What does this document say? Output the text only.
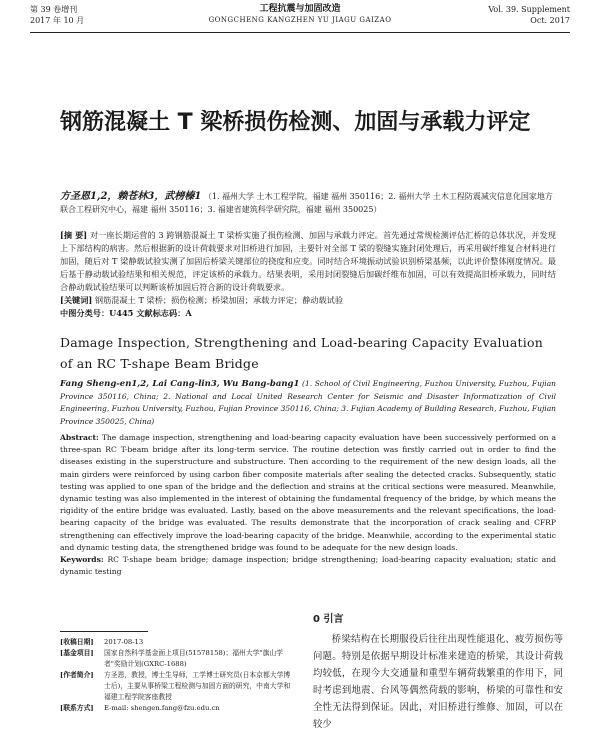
第 39 卷增刊
2017 年 10 月
工程抗震与加固改造
GONGCHENG KANGZHEN YU JIAGU GAIZAO
Vol. 39. Supplement
Oct. 2017
钢筋混凝土 T 梁桥损伤检测、加固与承载力评定
方圣恩1,2，赖苍林3，武榜榛1 （1. 福州大学 土木工程学院，福建 福州 350116；2. 福州大学 土木工程防震减灾信息化国家地方联合工程研究中心，福建 福州 350116；3. 福建省建筑科学研究院，福建 福州 350025）
[摘 要] 对一座长期运营的 3 跨钢筋混凝土 T 梁桥实施了损伤检测、加固与承载力评定。首先通过常规检测评估汇桥的总体状况，并发现上下部结构的病害。然后根据新的设计荷载要求对旧桥进行加固，主要针对全部 T 梁的裂缝实施封闭处理后，再采用碳纤维复合材料进行加固，随后对 T 梁静载试验实测了加固后桥梁关键部位的挠度和应变。同时结合环境振动试验识别桥梁基频，以此评价整体刚度情况。最后基于静动载试验结果和相关规范，评定该桥的承载力。结果表明，采用封闭裂缝后加碳纤维布加固，可以有效提高旧桥承载力，同时结合静动载试验结果可以判断该桥加固后符合新的设计荷载要求。
[关键词] 钢筋混凝土 T 梁桥；损伤检测；桥梁加固；承载力评定；静动载试验
中图分类号：U445 文献标志码：A
Damage Inspection, Strengthening and Load-bearing Capacity Evaluation of an RC T-shape Beam Bridge
Fang Sheng-en1,2, Lai Cang-lin3, Wu Bang-bang1 (1. School of Civil Engineering, Fuzhou University, Fuzhou, Fujian Province 350116, China; 2. National and Local United Research Center for Seismic and Disaster Informatization of Civil Engineering, Fuzhou University, Fuzhou, Fujian Province 350116, China; 3. Fujian Academy of Building Research, Fuzhou, Fujian Province 350025, China)
Abstract: The damage inspection, strengthening and load-bearing capacity evaluation have been successively performed on a three-span RC T-beam bridge after its long-term service. The routine detection was firstly carried out in order to find the diseases existing in the superstructure and substructure. Then according to the requirement of the new design loads, all the main girders were reinforced by using carbon fiber composite materials after sealing the detected cracks. Subsequently, static testing was applied to one span of the bridge and the deflection and strains at the critical sections were measured. Meanwhile, dynamic testing was also implemented in the interest of obtaining the fundamental frequency of the bridge, by which means the rigidity of the entire bridge was evaluated. Lastly, based on the above measurements and the relevant specifications, the load-bearing capacity of the bridge was evaluated. The results demonstrate that the incorporation of crack sealing and CFRP strengthening can effectively improve the load-bearing capacity of the bridge. Meanwhile, according to the experimental static and dynamic testing data, the strengthened bridge was found to be adequate for the new design loads.
Keywords: RC T-shape beam bridge; damage inspection; bridge strengthening; load-bearing capacity evaluation; static and dynamic testing
[收稿日期]	2017-08-13
[基金项目]	国家自然科学基金面上项目(51578158)；福州大学"旗山学者"奖励计划(GXRC-1688)
[作者简介]	方圣恩，教授，博士生导师，工学博士研究员(日本京都大学博士后)，主要从事桥梁工程检测与加固方面的研究，中南大学和福建工程学院客座教授
[联系方式]	E-mail: shengen.fang@fzu.edu.cn
0 引言
桥梁结构在长期服役后往往出现性能退化、疲劳损伤等问题。特别是依据早期设计标准来建造的桥梁，其设计荷载均较低，在现今大交通量和重型车辆荷载繁重的作用下，同时考虑到地震、台风等偶然荷载的影响，桥梁的可靠性和安全性无法得到保证。因此，对旧桥进行维修、加固，可以在较少
